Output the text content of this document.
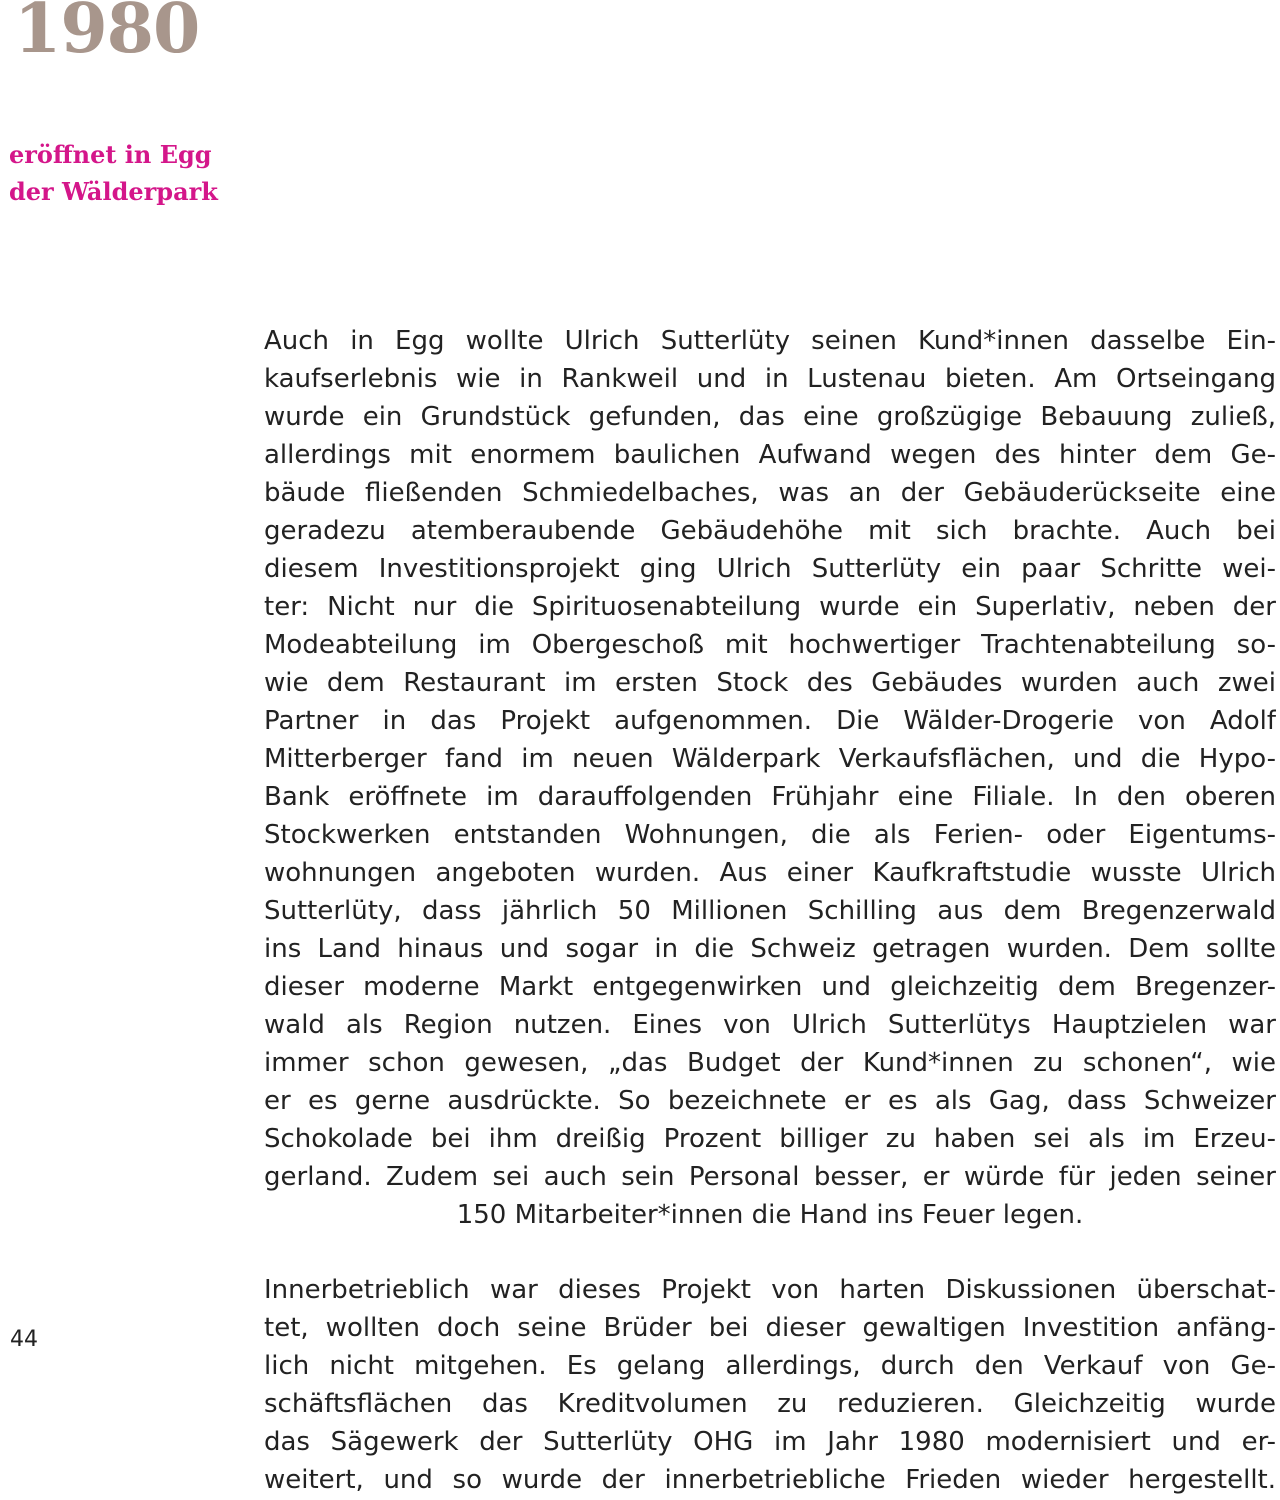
1980
eröffnet in Egg
der Wälderpark
44
Auch in Egg wollte Ulrich Sutterlüty seinen Kund*innen dasselbe Ein-
kaufserlebnis wie in Rankweil und in Lustenau bieten. Am Ortseingang
wurde ein Grundstück gefunden, das eine großzügige Bebauung zuließ,
allerdings mit enormem baulichen Aufwand wegen des hinter dem Ge-
bäude fließenden Schmiedelbaches, was an der Gebäuderückseite eine
geradezu atemberaubende Gebäudehöhe mit sich brachte. Auch bei
diesem Investitionsprojekt ging Ulrich Sutterlüty ein paar Schritte wei-
ter: Nicht nur die Spirituosenabteilung wurde ein Superlativ, neben der
Modeabteilung im Obergeschoß mit hochwertiger Trachtenabteilung so-
wie dem Restaurant im ersten Stock des Gebäudes wurden auch zwei
Partner in das Projekt aufgenommen. Die Wälder-Drogerie von Adolf
Mitterberger fand im neuen Wälderpark Verkaufsflächen, und die Hypo-
Bank eröffnete im darauffolgenden Frühjahr eine Filiale. In den oberen
Stockwerken entstanden Wohnungen, die als Ferien- oder Eigentums-
wohnungen angeboten wurden. Aus einer Kaufkraftstudie wusste Ulrich
Sutterlüty, dass jährlich 50 Millionen Schilling aus dem Bregenzerwald
ins Land hinaus und sogar in die Schweiz getragen wurden. Dem sollte
dieser moderne Markt entgegenwirken und gleichzeitig dem Bregenzer-
wald als Region nutzen. Eines von Ulrich Sutterlütys Hauptzielen war
immer schon gewesen, „das Budget der Kund*innen zu schonen“, wie
er es gerne ausdrückte. So bezeichnete er es als Gag, dass Schweizer
Schokolade bei ihm dreißig Prozent billiger zu haben sei als im Erzeu-
gerland. Zudem sei auch sein Personal besser, er würde für jeden seiner
150 Mitarbeiter*innen die Hand ins Feuer legen.
Innerbetrieblich war dieses Projekt von harten Diskussionen überschat-
tet, wollten doch seine Brüder bei dieser gewaltigen Investition anfäng-
lich nicht mitgehen. Es gelang allerdings, durch den Verkauf von Ge-
schäftsflächen das Kreditvolumen zu reduzieren. Gleichzeitig wurde
das Sägewerk der Sutterlüty OHG im Jahr 1980 modernisiert und er-
weitert, und so wurde der innerbetriebliche Frieden wieder hergestellt.
